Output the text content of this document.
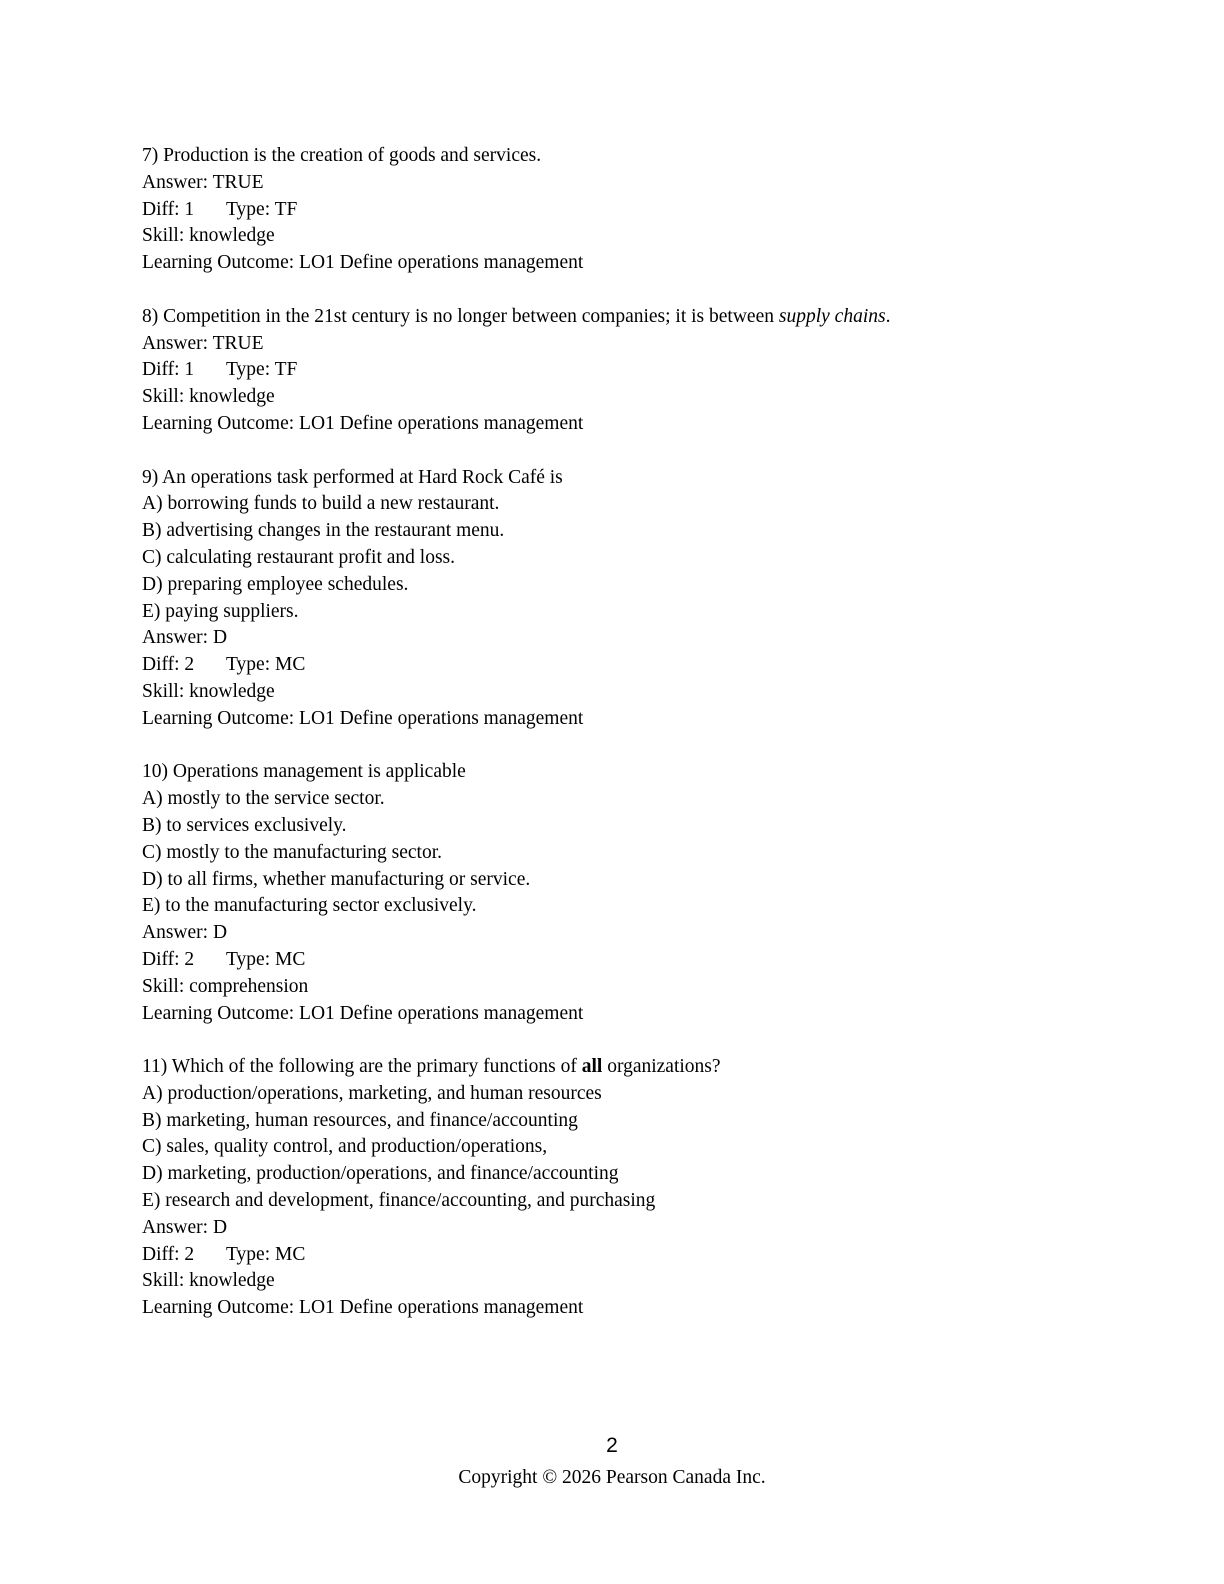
7) Production is the creation of goods and services.
Answer: TRUE
Diff: 1 Type: TF
Skill: knowledge
Learning Outcome: LO1 Define operations management
8) Competition in the 21st century is no longer between companies; it is between supply chains.
Answer: TRUE
Diff: 1 Type: TF
Skill: knowledge
Learning Outcome: LO1 Define operations management
9) An operations task performed at Hard Rock Café is
A) borrowing funds to build a new restaurant.
B) advertising changes in the restaurant menu.
C) calculating restaurant profit and loss.
D) preparing employee schedules.
E) paying suppliers.
Answer: D
Diff: 2 Type: MC
Skill: knowledge
Learning Outcome: LO1 Define operations management
10) Operations management is applicable
A) mostly to the service sector.
B) to services exclusively.
C) mostly to the manufacturing sector.
D) to all firms, whether manufacturing or service.
E) to the manufacturing sector exclusively.
Answer: D
Diff: 2 Type: MC
Skill: comprehension
Learning Outcome: LO1 Define operations management
11) Which of the following are the primary functions of all organizations?
A) production/operations, marketing, and human resources
B) marketing, human resources, and finance/accounting
C) sales, quality control, and production/operations,
D) marketing, production/operations, and finance/accounting
E) research and development, finance/accounting, and purchasing
Answer: D
Diff: 2 Type: MC
Skill: knowledge
Learning Outcome: LO1 Define operations management
2
Copyright © 2026 Pearson Canada Inc.
